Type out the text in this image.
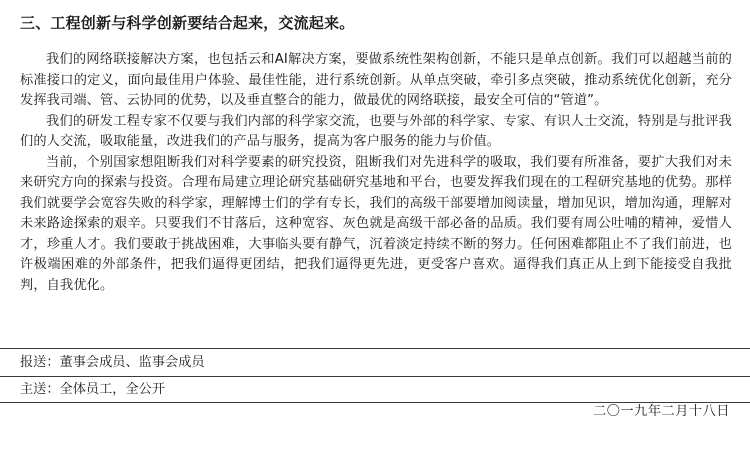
三、工程创新与科学创新要结合起来，交流起来。

我们的网络联接解决方案，也包括云和AI解决方案，要做系统性架构创新，不能只是单点创新。我们可以超越当前的标准接口的定义，面向最佳用户体验、最佳性能，进行系统创新。从单点突破，牵引多点突破，推动系统优化创新，充分发挥我司端、管、云协同的优势，以及垂直整合的能力，做最优的网络联接，最安全可信的“管道”。

我们的研发工程专家不仅要与我们内部的科学家交流，也要与外部的科学家、专家、有识人士交流，特别是与批评我们的人交流，吸取能量，改进我们的产品与服务，提高为客户服务的能力与价值。

当前，个别国家想阻断我们对科学要素的研究投资，阻断我们对先进科学的吸取，我们要有所准备，要扩大我们对未来研究方向的探索与投资。合理布局建立理论研究基础研究基地和平台，也要发挥我们现在的工程研究基地的优势。那样我们就要学会宽容失败的科学家，理解博士们的学有专长，我们的高级干部要增加阅读量，增加见识，增加沟通，理解对未来路途探索的艰辛。只要我们不甘落后，这种宽容、灰色就是高级干部必备的品质。我们要有周公吐哺的精神，爱惜人才，珍重人才。我们要敢于挑战困难，大事临头要有静气，沉着淡定持续不断的努力。任何困难都阻止不了我们前进，也许极端困难的外部条件，把我们逼得更团结，把我们逼得更先进，更受客户喜欢。逼得我们真正从上到下能接受自我批判，自我优化。

报送：董事会成员、监事会成员
主送：全体员工，全公开
二〇一九年二月十八日
